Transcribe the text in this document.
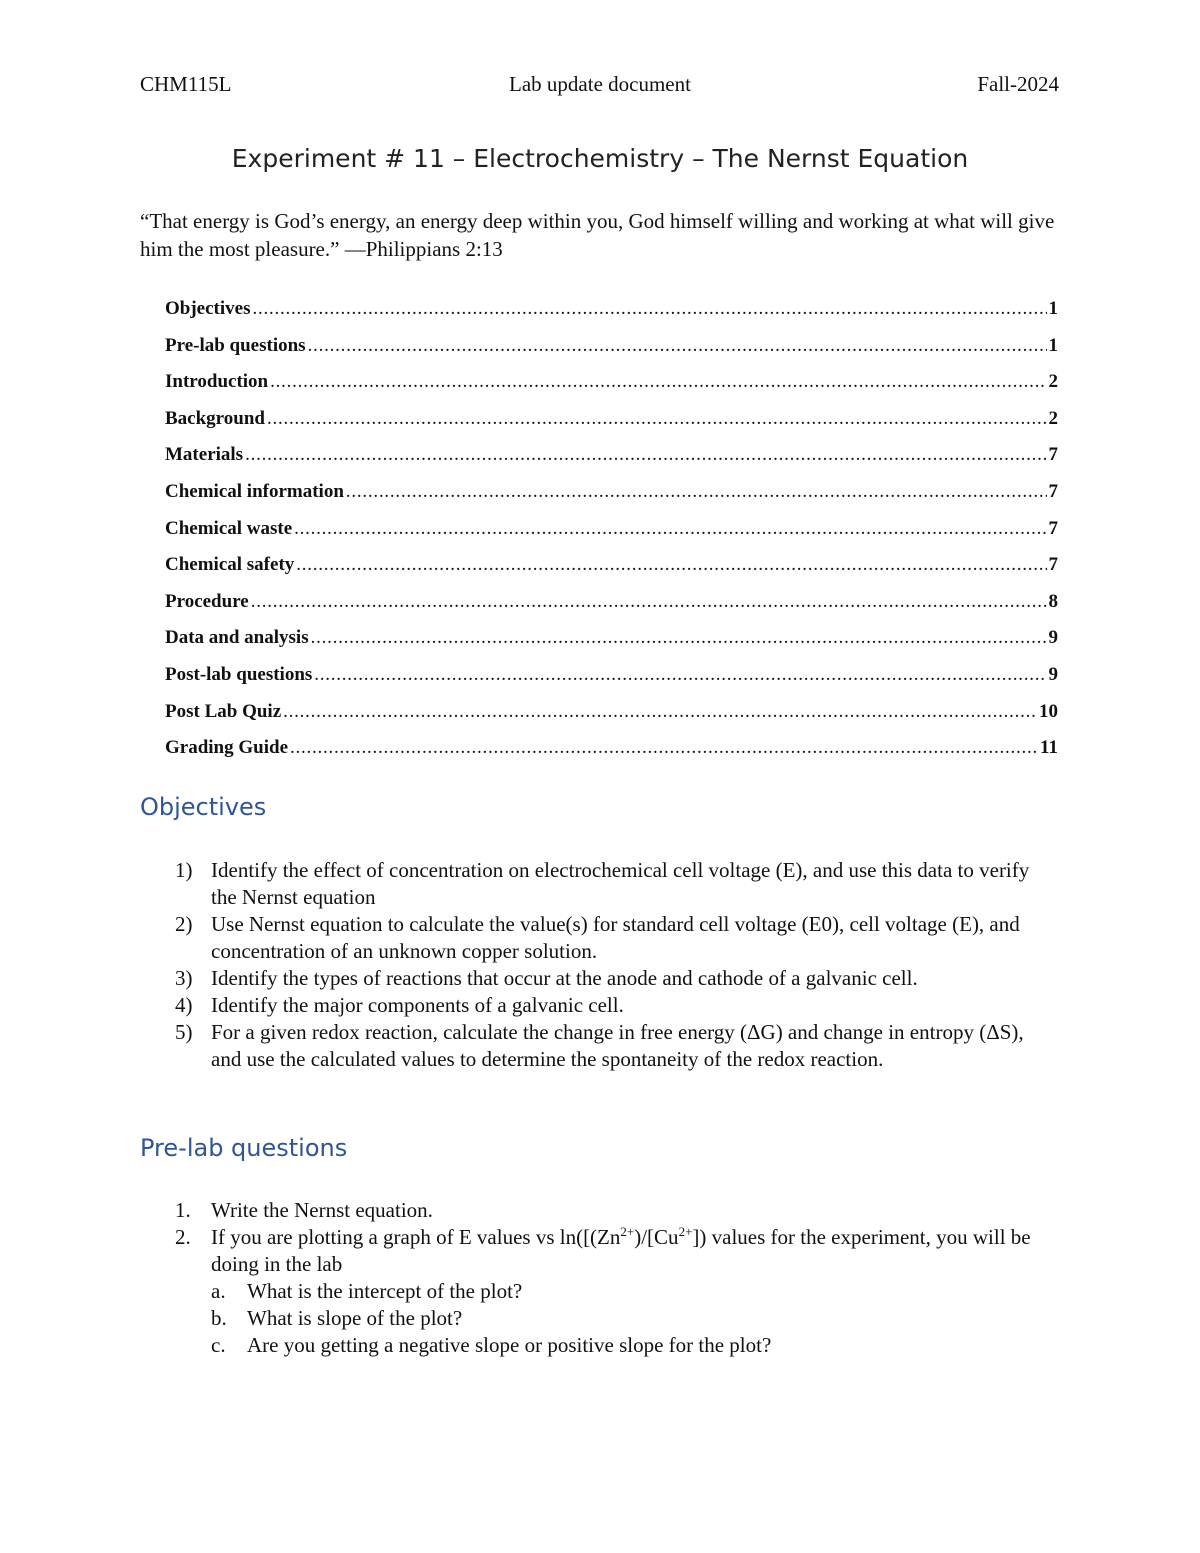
Lab update document
CHM115L	Fall-2024
Experiment # 11 – Electrochemistry – The Nernst Equation

“That energy is God’s energy, an energy deep within you, God himself willing and working at what will give him the most pleasure.” —Philippians 2:13

Objectives . . .	1
Pre-lab questions . . .	1
Introduction . . .	2
Background . . .	2
Materials . . .	7
Chemical information . . .	7
Chemical waste . . .	7
Chemical safety . . .	7
Procedure . . .	8
Data and analysis . . .	9
Post-lab questions . . .	9
Post Lab Quiz . . .	10
Grading Guide . . .	11
Objectives
1) Identify the effect of concentration on electrochemical cell voltage (E), and use this data to verify the Nernst equation
2) Use Nernst equation to calculate the value(s) for standard cell voltage (E0), cell voltage (E), and concentration of an unknown copper solution.
3) Identify the types of reactions that occur at the anode and cathode of a galvanic cell.
4) Identify the major components of a galvanic cell.
5) For a given redox reaction, calculate the change in free energy (ΔG) and change in entropy (ΔS), and use the calculated values to determine the spontaneity of the redox reaction.
Pre-lab questions
1. Write the Nernst equation.
2. If you are plotting a graph of E values vs $\ln([(Zn^{2+})/[Cu^{2+}])$ values for the experiment, you will be doing in the lab
a.	What is the intercept of the plot?
b. What is slope of the plot?
c.	Are you getting a negative slope or positive slope for the plot?
